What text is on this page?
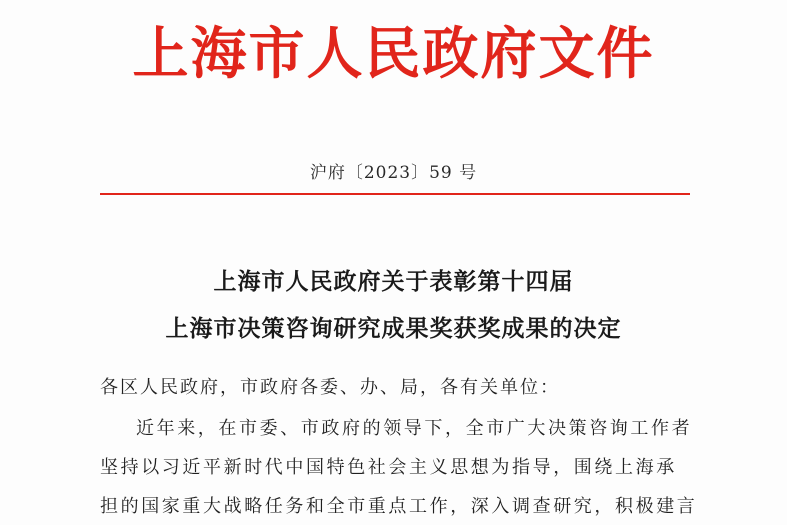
上海市人民政府文件
沪府〔2023〕59 号
上海市人民政府关于表彰第十四届
上海市决策咨询研究成果奖获奖成果的决定
各区人民政府，市政府各委、办、局，各有关单位：
近年来，在市委、市政府的领导下，全市广大决策咨询工作者
坚持以习近平新时代中国特色社会主义思想为指导，围绕上海承
担的国家重大战略任务和全市重点工作，深入调查研究，积极建言
